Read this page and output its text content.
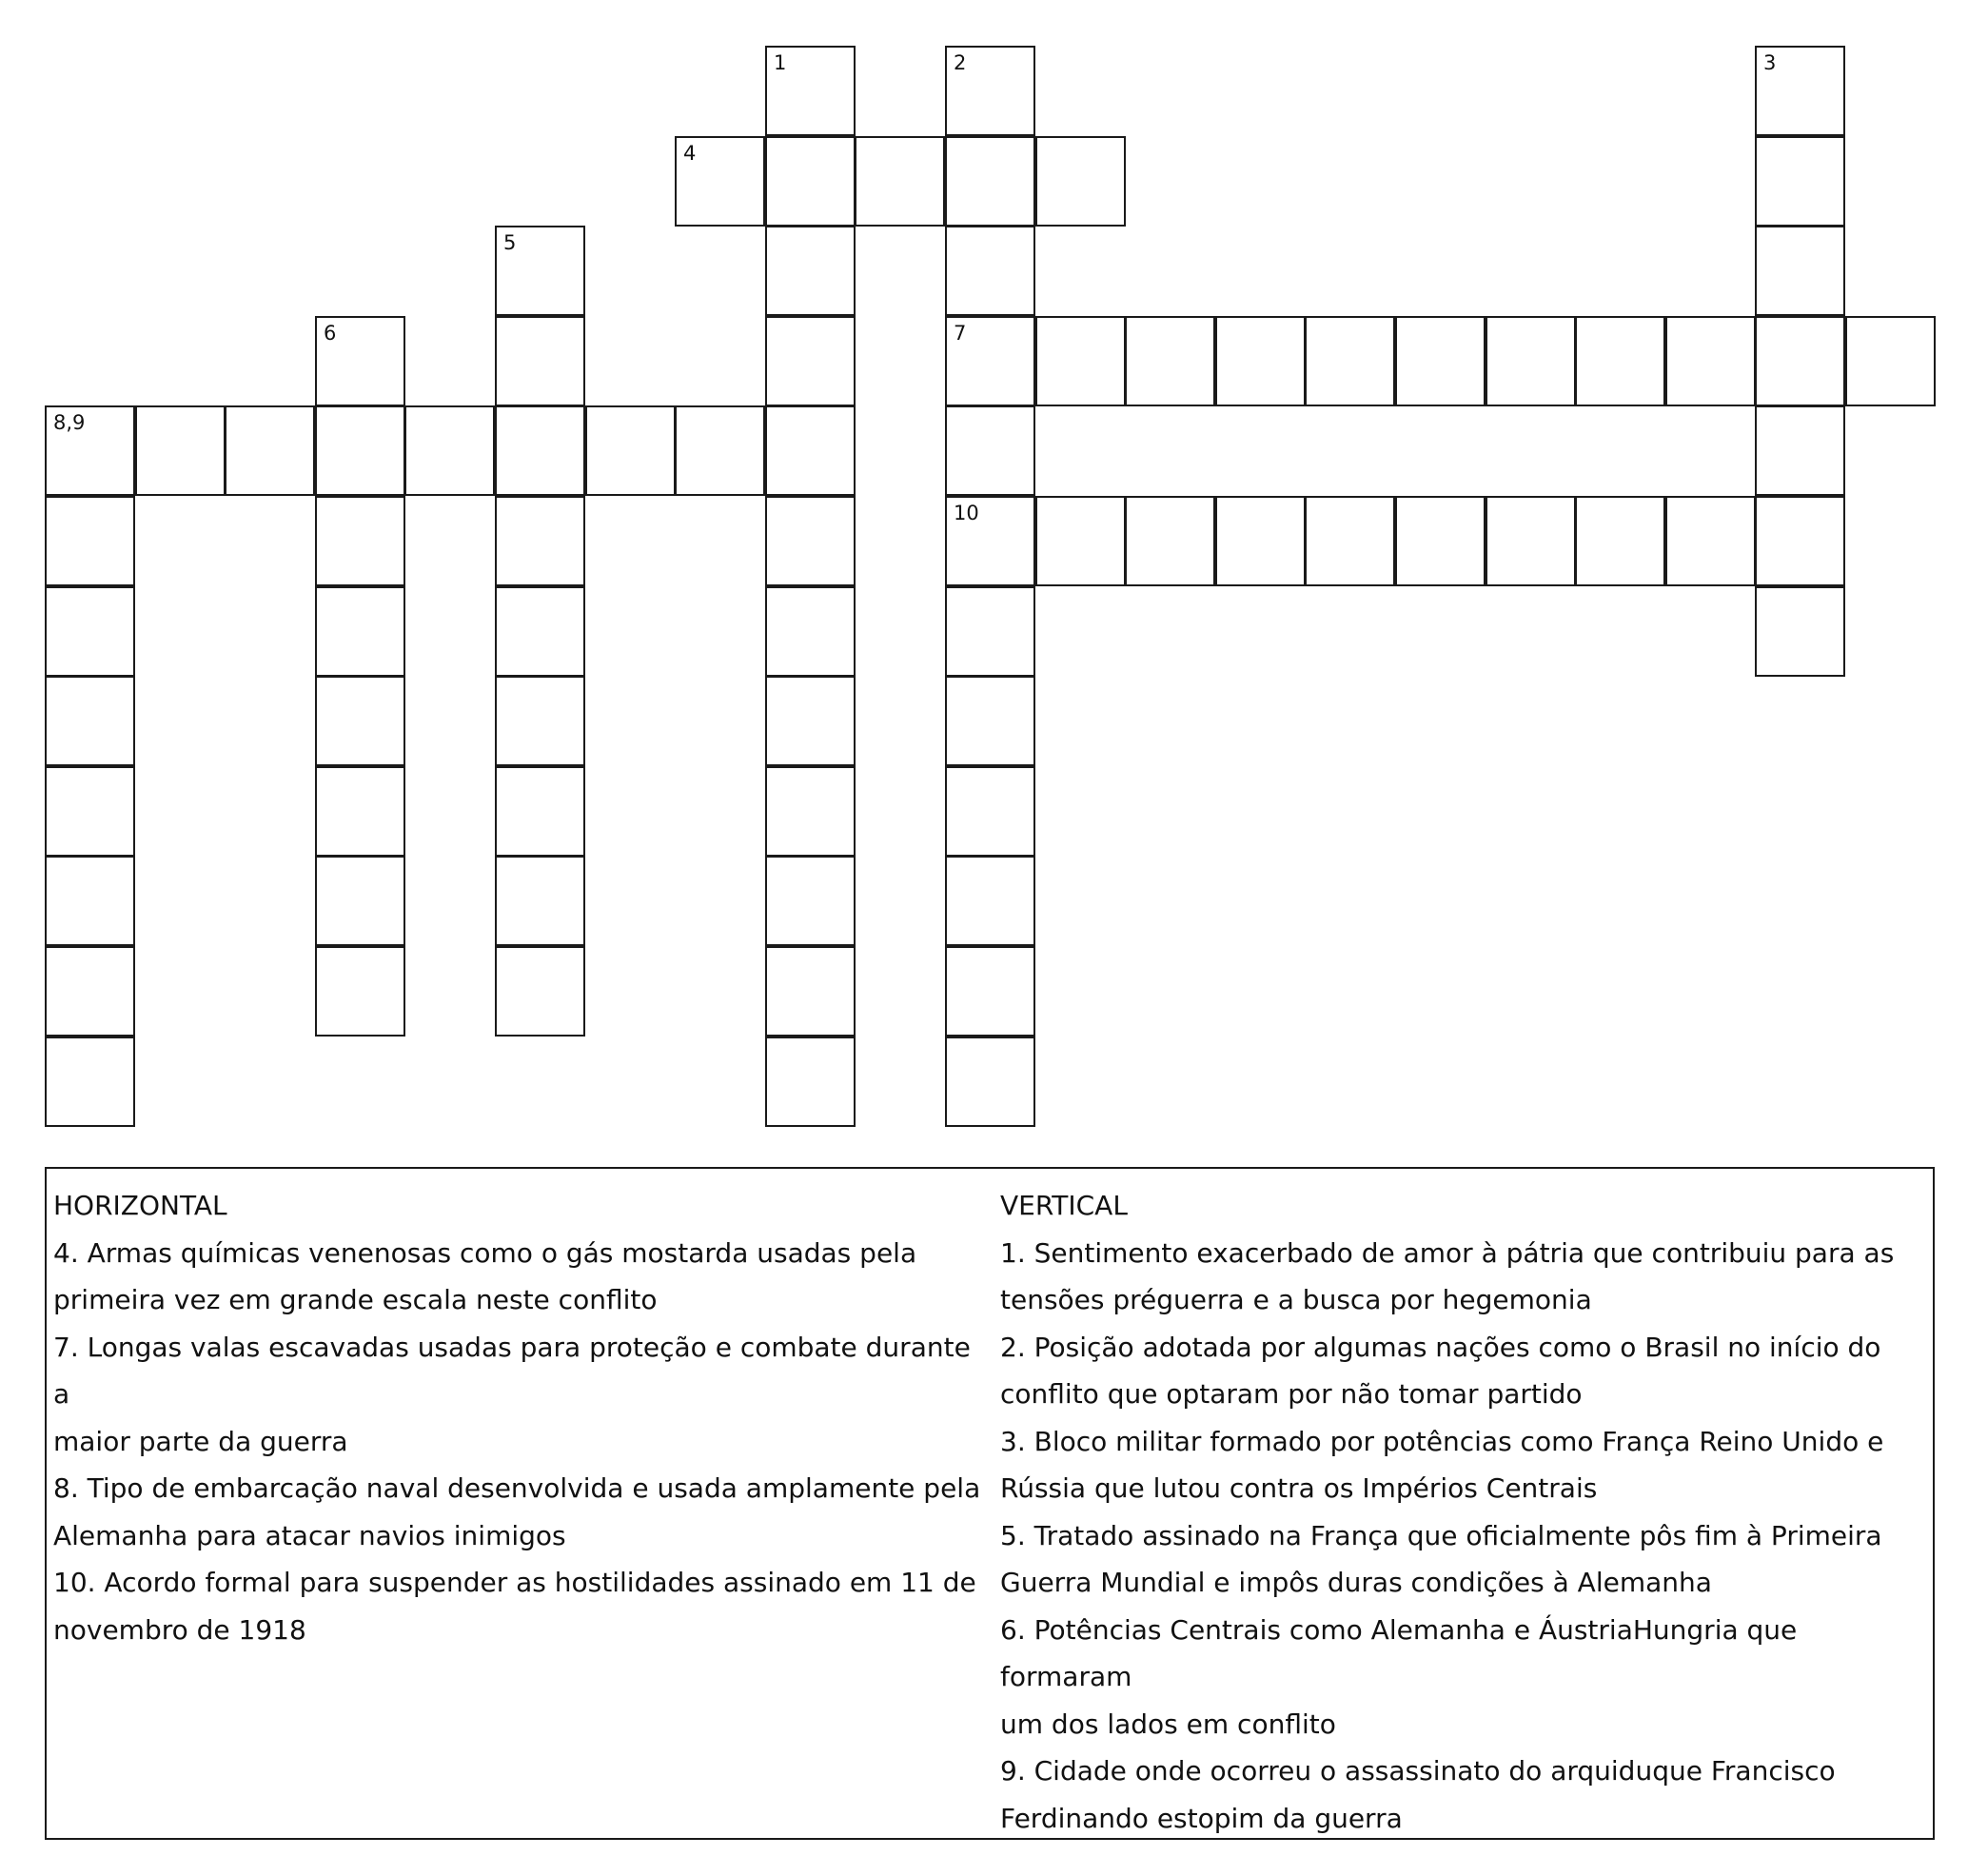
1	2	3
4
5
6	7
8,9
10

HORIZONTAL

4. Armas químicas venenosas como o gás mostarda usadas pela

primeira vez em grande escala neste conflito

7. Longas valas escavadas usadas para proteção e combate durante a

maior parte da guerra

8. Tipo de embarcação naval desenvolvida e usada amplamente pela

Alemanha para atacar navios inimigos

10. Acordo formal para suspender as hostilidades assinado em 11 de

novembro de 1918

VERTICAL

1. Sentimento exacerbado de amor à pátria que contribuiu para as

tensões préguerra e a busca por hegemonia

2. Posição adotada por algumas nações como o Brasil no início do

conflito que optaram por não tomar partido

3. Bloco militar formado por potências como França Reino Unido e

Rússia que lutou contra os Impérios Centrais

5. Tratado assinado na França que oficialmente pôs fim à Primeira

Guerra Mundial e impôs duras condições à Alemanha

6. Potências Centrais como Alemanha e ÁustriaHungria que formaram

um dos lados em conflito

9. Cidade onde ocorreu o assassinato do arquiduque Francisco

Ferdinando estopim da guerra
